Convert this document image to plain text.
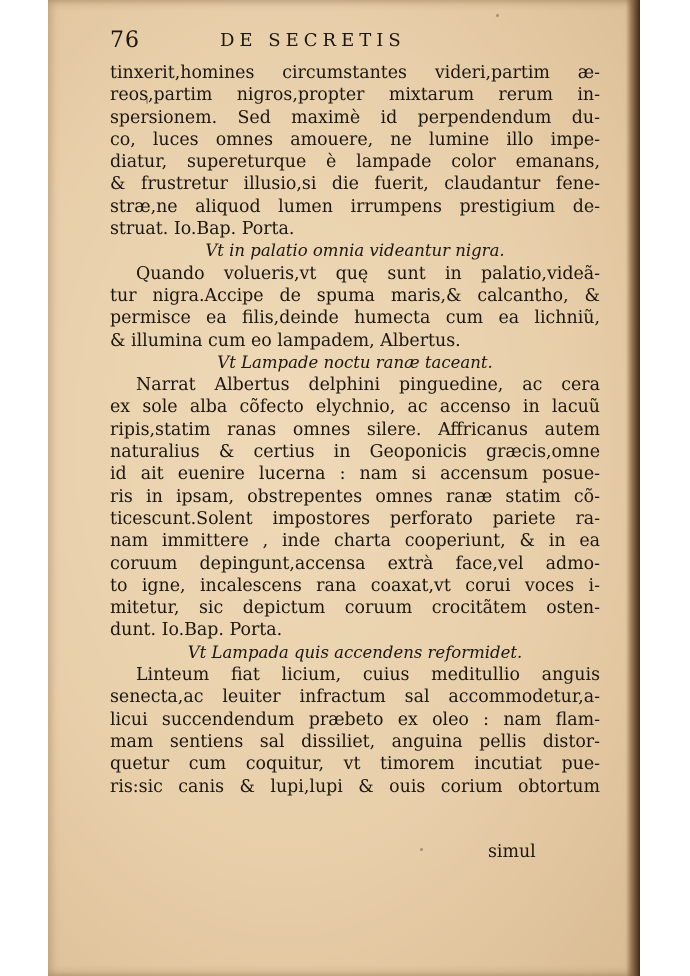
76	DE SECRETIS
tinxerit,homines circumstantes videri,partim æ-
reos,partim nigros,propter mixtarum rerum in-
spersionem. Sed maximè id perpendendum du-
co, luces omnes amouere, ne lumine illo impe-
diatur, supereturque è lampade color emanans,
& frustretur illusio,si die fuerit, claudantur fene-
stræ,ne aliquod lumen irrumpens prestigium de-
struat. Io.Bap. Porta.
Vt in palatio omnia videantur nigra.
Quando volueris,vt quę sunt in palatio,videã-
tur nigra.Accipe de spuma maris,& calcantho, &
permisce ea filis,deinde humecta cum ea lichniũ,
& illumina cum eo lampadem, Albertus.
Vt Lampade noctu ranæ taceant.
Narrat Albertus delphini pinguedine, ac cera
ex sole alba cõfecto elychnio, ac accenso in lacuũ
ripis,statim ranas omnes silere. Affricanus autem
naturalius & certius in Geoponicis græcis,omne
id ait euenire lucerna : nam si accensum posue-
ris in ipsam, obstrepentes omnes ranæ statim cõ-
ticescunt.Solent impostores perforato pariete ra-
nam immittere , inde charta cooperiunt, & in ea
coruum depingunt,accensa extrà face,vel admo-
to igne, incalescens rana coaxat,vt corui voces i-
mitetur, sic depictum coruum crocitãtem osten-
dunt. Io.Bap. Porta.
Vt Lampada quis accendens reformidet.
Linteum fiat licium, cuius meditullio anguis
senecta,ac leuiter infractum sal accommodetur,a-
licui succendendum præbeto ex oleo : nam flam-
mam sentiens sal dissiliet, anguina pellis distor-
quetur cum coquitur, vt timorem incutiat pue-
ris:sic canis & lupi,lupi & ouis corium obtortum
simul
